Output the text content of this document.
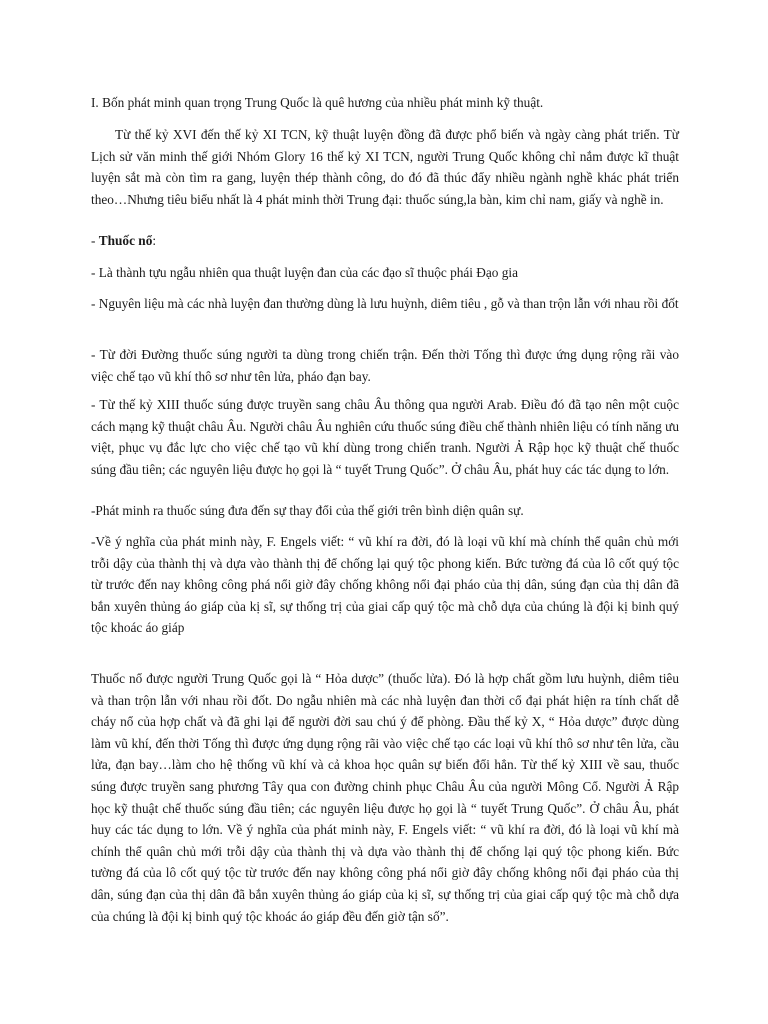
I. Bốn phát minh quan trọng Trung Quốc là quê hương của nhiều phát minh kỹ thuật.

Từ thế kỷ XVI đến thế kỷ XI TCN, kỹ thuật luyện đồng đã được phổ biến và ngày càng phát triển. Từ Lịch sử văn minh thế giới Nhóm Glory 16 thế kỷ XI TCN, người Trung Quốc không chỉ nắm được kĩ thuật luyện sắt mà còn tìm ra gang, luyện thép thành công, do đó đã thúc đẩy nhiều ngành nghề khác phát triển theo…Nhưng tiêu biểu nhất là 4 phát minh thời Trung đại: thuốc súng,la bàn, kim chỉ nam, giấy và nghề in.

- Thuốc nổ:

- Là thành tựu ngẫu nhiên qua thuật luyện đan của các đạo sĩ thuộc phái Đạo gia

- Nguyên liệu mà các nhà luyện đan thường dùng là lưu huỳnh, diêm tiêu , gỗ và than trộn lẫn với nhau rồi đốt

- Từ đời Đường thuốc súng người ta dùng trong chiến trận. Đến thời Tống thì được ứng dụng rộng rãi vào việc chế tạo vũ khí thô sơ như tên lửa, pháo đạn bay.

- Từ thế kỷ XIII thuốc súng được truyền sang châu Âu thông qua người Arab. Điều đó đã tạo nên một cuộc cách mạng kỹ thuật châu Âu. Người châu Âu nghiên cứu thuốc súng điều chế thành nhiên liệu có tính năng ưu việt, phục vụ đắc lực cho việc chế tạo vũ khí dùng trong chiến tranh. Người Ả Rập học kỹ thuật chế thuốc súng đầu tiên; các nguyên liệu được họ gọi là “ tuyết Trung Quốc”. Ở châu Âu, phát huy các tác dụng to lớn.

-Phát minh ra thuốc súng đưa đến sự thay đổi của thế giới trên bình diện quân sự.

-Về ý nghĩa của phát minh này, F. Engels viết: “ vũ khí ra đời, đó là loại vũ khí mà chính thể quân chủ mới trỗi dậy của thành thị và dựa vào thành thị để chống lại quý tộc phong kiến. Bức tường đá của lô cốt quý tộc từ trước đến nay không công phá nổi giờ đây chống không nổi đại pháo của thị dân, súng đạn của thị dân đã bắn xuyên thủng áo giáp của kị sĩ, sự thống trị của giai cấp quý tộc mà chỗ dựa của chúng là đội kị binh quý tộc khoác áo giáp

Thuốc nổ được người Trung Quốc gọi là “ Hỏa dược” (thuốc lửa). Đó là hợp chất gồm lưu huỳnh, diêm tiêu và than trộn lẫn với nhau rồi đốt. Do ngẫu nhiên mà các nhà luyện đan thời cổ đại phát hiện ra tính chất dễ cháy nổ của hợp chất và đã ghi lại để người đời sau chú ý để phòng. Đầu thế kỷ X, “ Hỏa dược” được dùng làm vũ khí, đến thời Tống thì được ứng dụng rộng rãi vào việc chế tạo các loại vũ khí thô sơ như tên lửa, cầu lửa, đạn bay…làm cho hệ thống vũ khí và cả khoa học quân sự biến đổi hẳn. Từ thế kỷ XIII về sau, thuốc súng được truyền sang phương Tây qua con đường chinh phục Châu Âu của người Mông Cổ. Người Ả Rập học kỹ thuật chế thuốc súng đầu tiên; các nguyên liệu được họ gọi là “ tuyết Trung Quốc”. Ở châu Âu, phát huy các tác dụng to lớn. Về ý nghĩa của phát minh này, F. Engels viết: “ vũ khí ra đời, đó là loại vũ khí mà chính thể quân chủ mới trỗi dậy của thành thị và dựa vào thành thị để chống lại quý tộc phong kiến. Bức tường đá của lô cốt quý tộc từ trước đến nay không công phá nổi giờ đây chống không nổi đại pháo của thị dân, súng đạn của thị dân đã bắn xuyên thủng áo giáp của kị sĩ, sự thống trị của giai cấp quý tộc mà chỗ dựa của chúng là đội kị binh quý tộc khoác áo giáp đều đến giờ tận số”.
